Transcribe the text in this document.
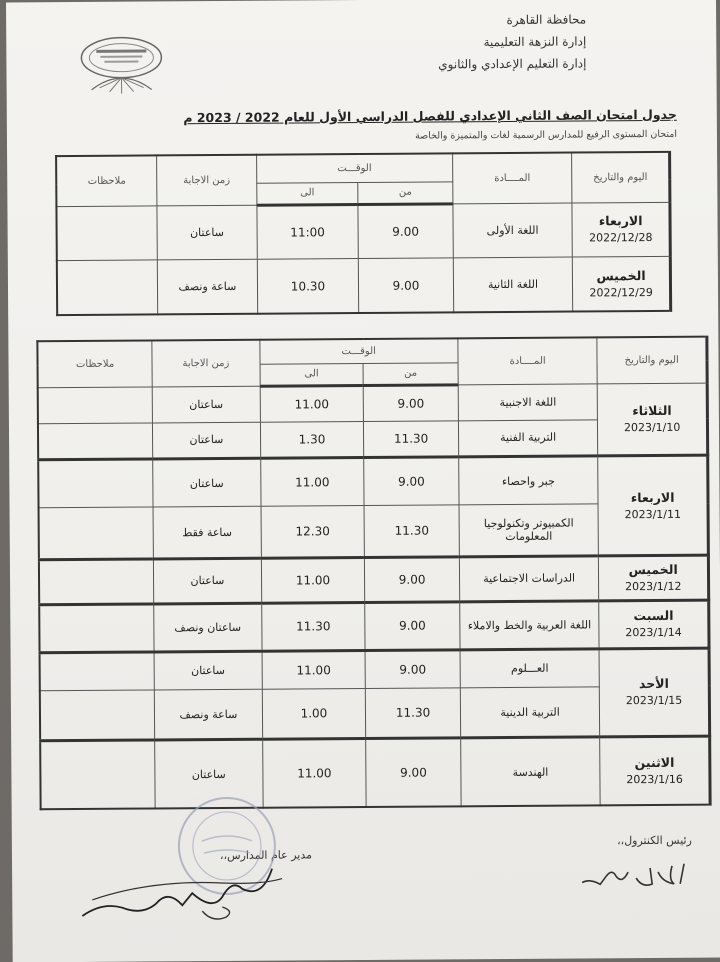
محافظة القاهرة
إدارة النزهة التعليمية
إدارة التعليم الإعدادي والثانوي
جدول امتحان الصف الثاني الإعدادي للفصل الدراسي الأول للعام 2022 / 2023 م
امتحان المستوى الرفيع للمدارس الرسمية لغات والمتميزة والخاصة
اليوم والتاريخ	المــــادة	الوقـــت		زمن الاجابة	ملاحظات
		من	الى		

الاربعاء
2022/12/28	اللغة الأولى	9.00	11:00	ساعتان	

الخميس
2022/12/29	اللغة الثانية	9.00	10.30	ساعة ونصف	
اليوم والتاريخ	المــــادة	الوقـــت		زمن الاجابة	ملاحظات
		من	الى		

الثلاثاء
2023/1/10	اللغة الاجنبية	9.00	11.00	ساعتان	
	التربية الفنية	11.30	1.30	ساعتان	

الاربعاء
2023/1/11	جبر واحصاء	9.00	11.00	ساعتان	
	الكمبيوتر وتكنولوجيا المعلومات	11.30	12.30	ساعة فقط	

الخميس
2023/1/12	الدراسات الاجتماعية	9.00	11.00	ساعتان	

السبت
2023/1/14	اللغة العربية والخط والاملاء	9.00	11.30	ساعتان ونصف	

الأحد
2023/1/15	العـــلوم	9.00	11.00	ساعتان	
	التربية الدينية	11.30	1.00	ساعة ونصف	

الاثنين
2023/1/16	الهندسة	9.00	11.00	ساعتان	
رئيس الكنترول،،
مدير عام المدارس،،
